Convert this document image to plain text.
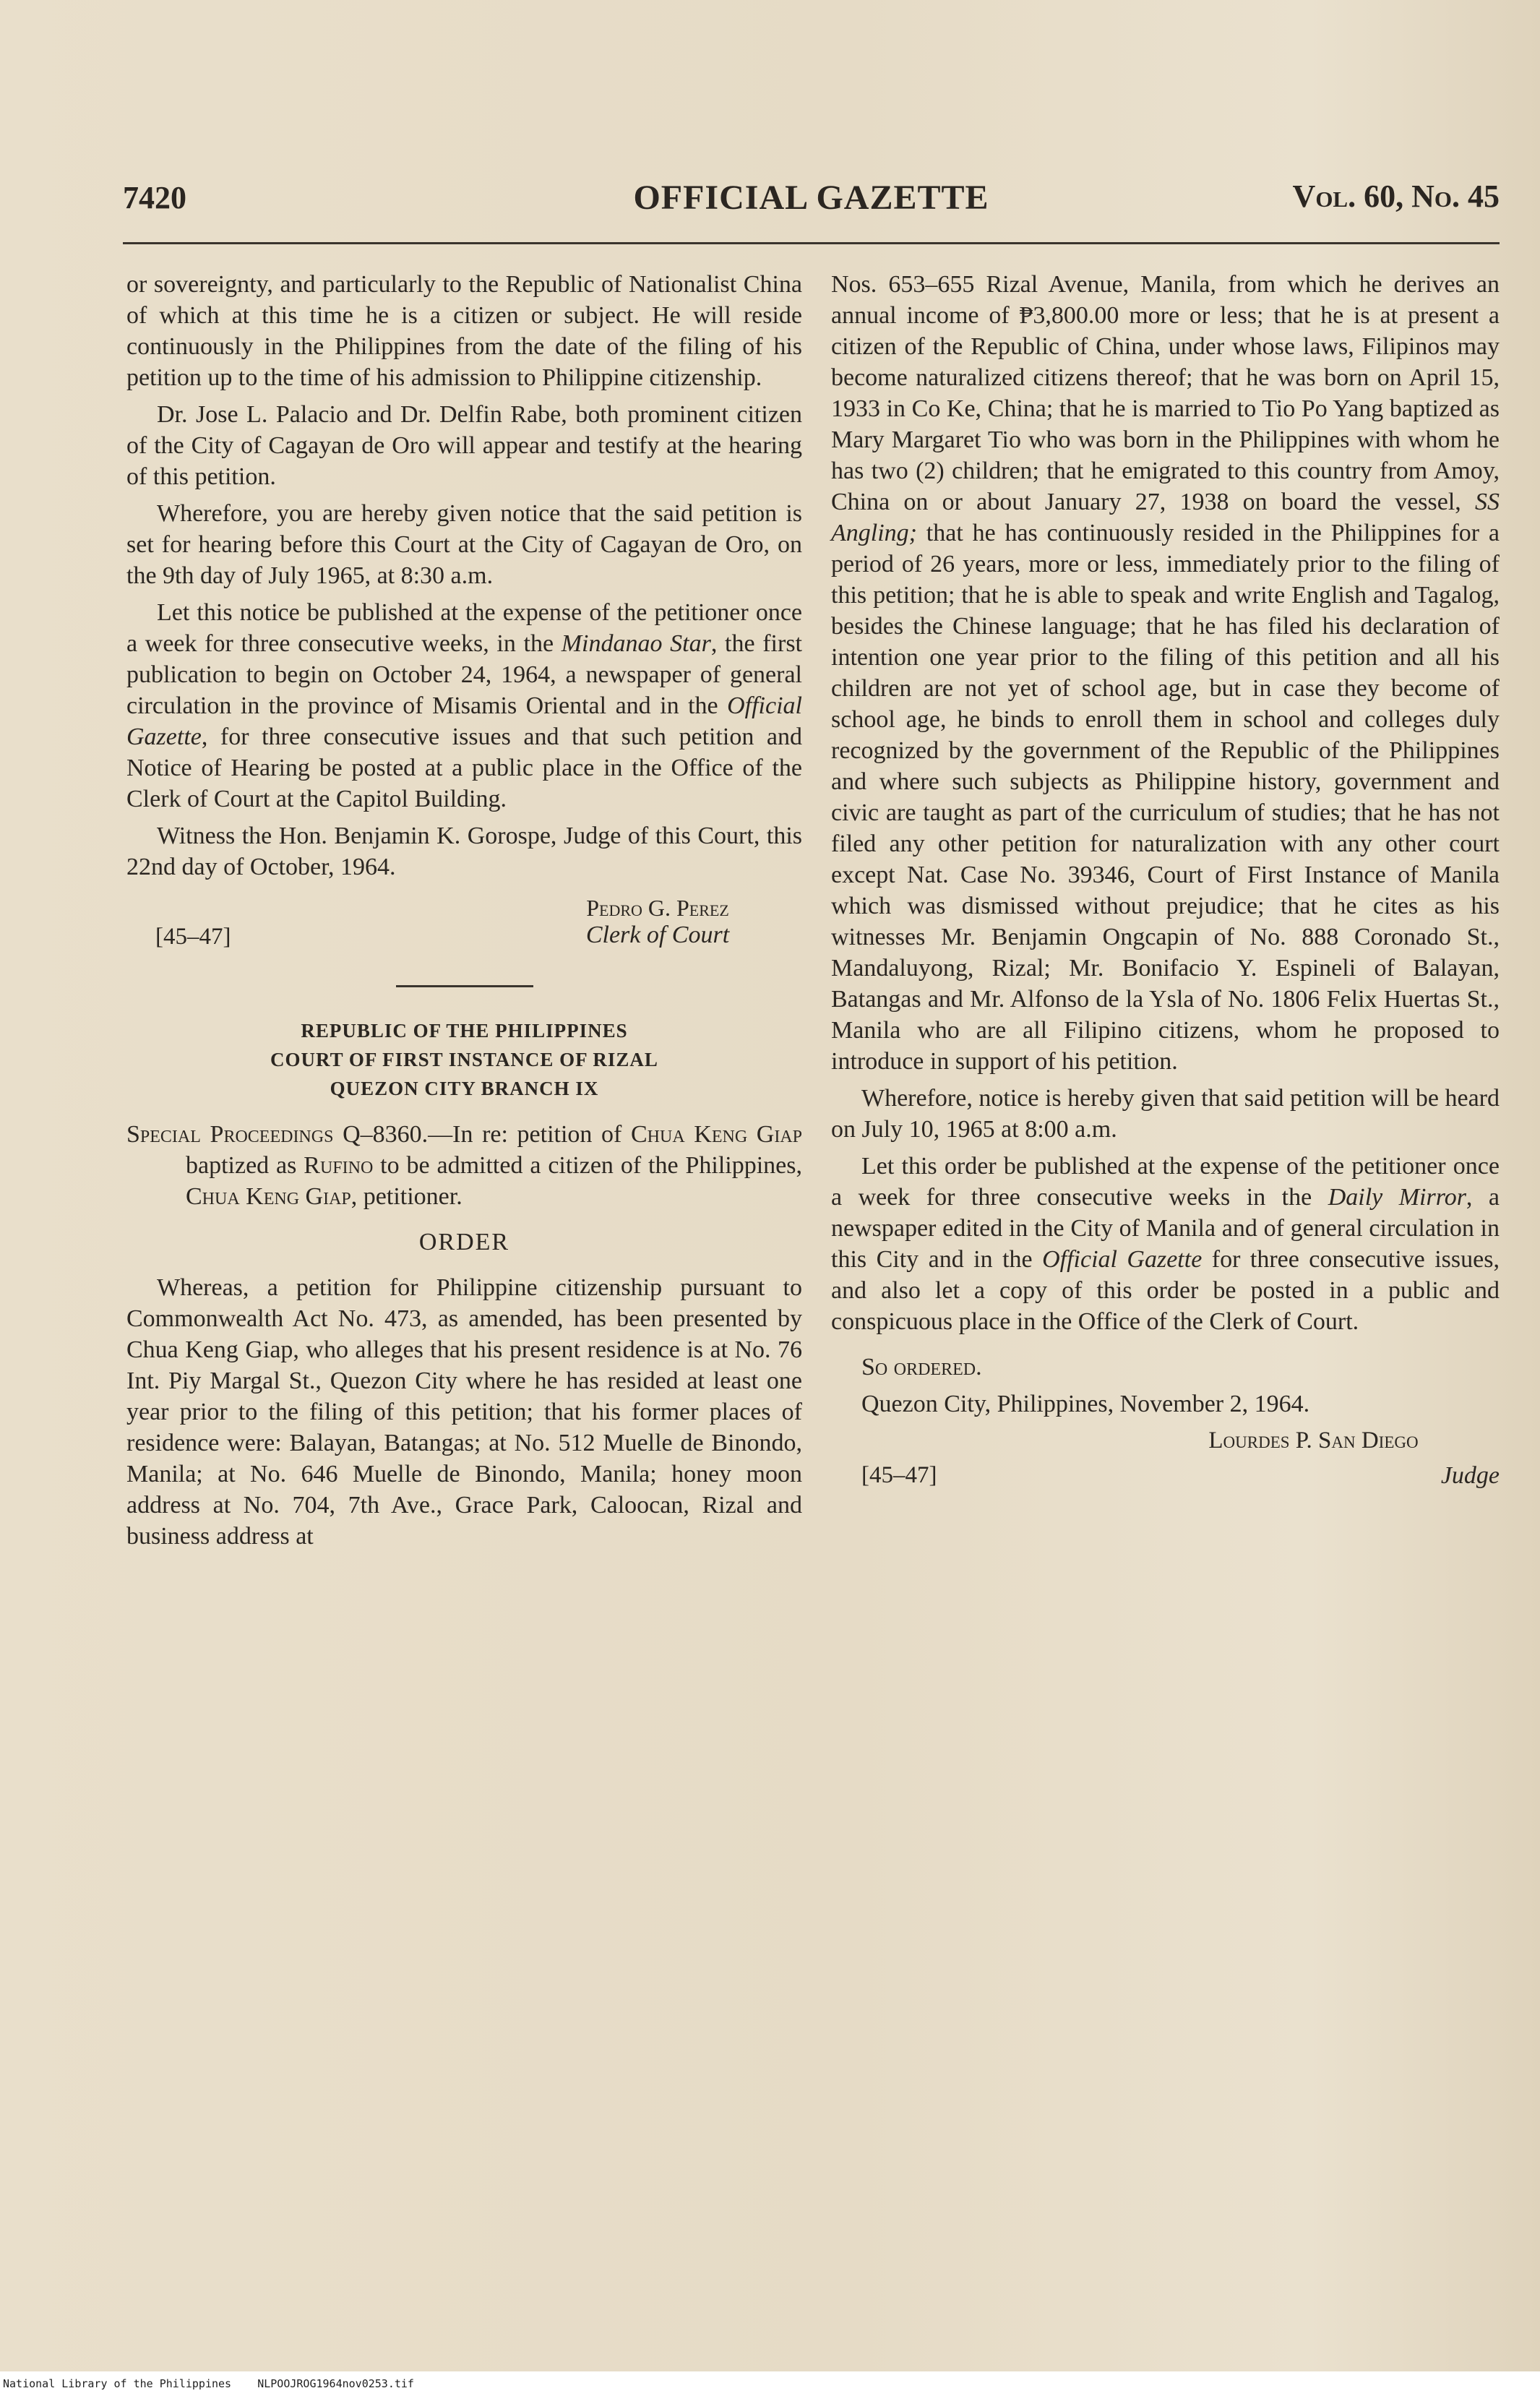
7420	OFFICIAL GAZETTE	Vol. 60, No. 45

or sovereignty, and particularly to the Republic of Nationalist China of which at this time he is a citizen or subject. He will reside continuously in the Philippines from the date of the filing of his petition up to the time of his admission to Philippine citizenship.

Dr. Jose L. Palacio and Dr. Delfin Rabe, both prominent citizen of the City of Cagayan de Oro will appear and testify at the hearing of this petition.

Wherefore, you are hereby given notice that the said petition is set for hearing before this Court at the City of Cagayan de Oro, on the 9th day of July 1965, at 8:30 a.m.

Let this notice be published at the expense of the petitioner once a week for three consecutive weeks, in the Mindanao Star, the first publication to begin on October 24, 1964, a newspaper of general circulation in the province of Misamis Oriental and in the Official Gazette, for three consecutive issues and that such petition and Notice of Hearing be posted at a public place in the Office of the Clerk of Court at the Capitol Building.

Witness the Hon. Benjamin K. Gorospe, Judge of this Court, this 22nd day of October, 1964.

[45–47]
Pedro G. Perez
Clerk of Court
REPUBLIC OF THE PHILIPPINES
COURT OF FIRST INSTANCE OF RIZAL
QUEZON CITY BRANCH IX

Special Proceedings Q–8360.—In re: petition of Chua Keng Giap baptized as Rufino to be admitted a citizen of the Philippines, Chua Keng Giap, petitioner.

ORDER

Whereas, a petition for Philippine citizenship pursuant to Commonwealth Act No. 473, as amended, has been presented by Chua Keng Giap, who alleges that his present residence is at No. 76 Int. Piy Margal St., Quezon City where he has resided at least one year prior to the filing of this petition; that his former places of residence were: Balayan, Batangas; at No. 512 Muelle de Binondo, Manila; at No. 646 Muelle de Binondo, Manila; honey moon address at No. 704, 7th Ave., Grace Park, Caloocan, Rizal and business address at

Nos. 653–655 Rizal Avenue, Manila, from which he derives an annual income of ₱3,800.00 more or less; that he is at present a citizen of the Republic of China, under whose laws, Filipinos may become naturalized citizens thereof; that he was born on April 15, 1933 in Co Ke, China; that he is married to Tio Po Yang baptized as Mary Margaret Tio who was born in the Philippines with whom he has two (2) children; that he emigrated to this country from Amoy, China on or about January 27, 1938 on board the vessel, SS Angling; that he has continuously resided in the Philippines for a period of 26 years, more or less, immediately prior to the filing of this petition; that he is able to speak and write English and Tagalog, besides the Chinese language; that he has filed his declaration of intention one year prior to the filing of this petition and all his children are not yet of school age, but in case they become of school age, he binds to enroll them in school and colleges duly recognized by the government of the Republic of the Philippines and where such subjects as Philippine history, government and civic are taught as part of the curriculum of studies; that he has not filed any other petition for naturalization with any other court except Nat. Case No. 39346, Court of First Instance of Manila which was dismissed without prejudice; that he cites as his witnesses Mr. Benjamin Ongcapin of No. 888 Coronado St., Mandaluyong, Rizal; Mr. Bonifacio Y. Espineli of Balayan, Batangas and Mr. Alfonso de la Ysla of No. 1806 Felix Huertas St., Manila who are all Filipino citizens, whom he proposed to introduce in support of his petition.

Wherefore, notice is hereby given that said petition will be heard on July 10, 1965 at 8:00 a.m.

Let this order be published at the expense of the petitioner once a week for three consecutive weeks in the Daily Mirror, a newspaper edited in the City of Manila and of general circulation in this City and in the Official Gazette for three consecutive issues, and also let a copy of this order be posted in a public and conspicuous place in the Office of the Clerk of Court.

So ordered.

Quezon City, Philippines, November 2, 1964.

Lourdes P. San Diego
[45–47]	Judge
National Library of the Philippines NLPOOJROG1964nov0253.tif
